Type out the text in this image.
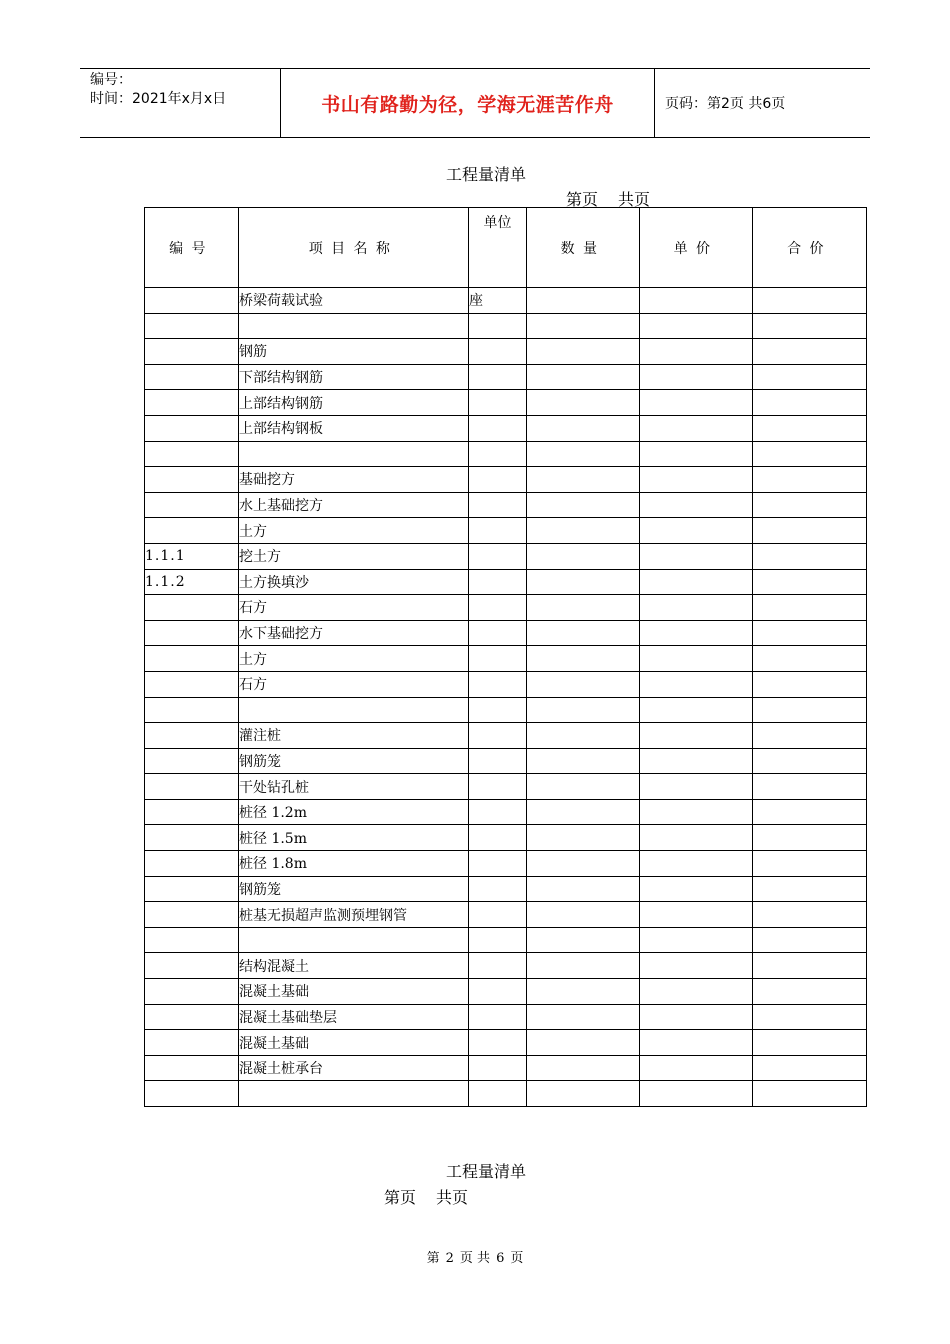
编号：
时间：2021年x月x日	书山有路勤为径，学海无涯苦作舟	页码：第2页 共6页
工程量清单
第页 共页
编号	项目名称	单位	数量	单价	合价
	桥梁荷载试验	座			

	钢筋				
	下部结构钢筋				
	上部结构钢筋				
	上部结构钢板				

	基础挖方				
	水上基础挖方				
	土方				
1.1.1	挖土方				
1.1.2	土方换填沙				
	石方				
	水下基础挖方				
	土方				
	石方				

	灌注桩				
	钢筋笼				
	干处钻孔桩				
	桩径 1.2m				
	桩径 1.5m				
	桩径 1.8m				
	钢筋笼				
	桩基无损超声监测预埋钢管				

	结构混凝土				
	混凝土基础				
	混凝土基础垫层				
	混凝土基础				
	混凝土桩承台				

工程量清单
第页 共页
第 2 页 共 6 页
